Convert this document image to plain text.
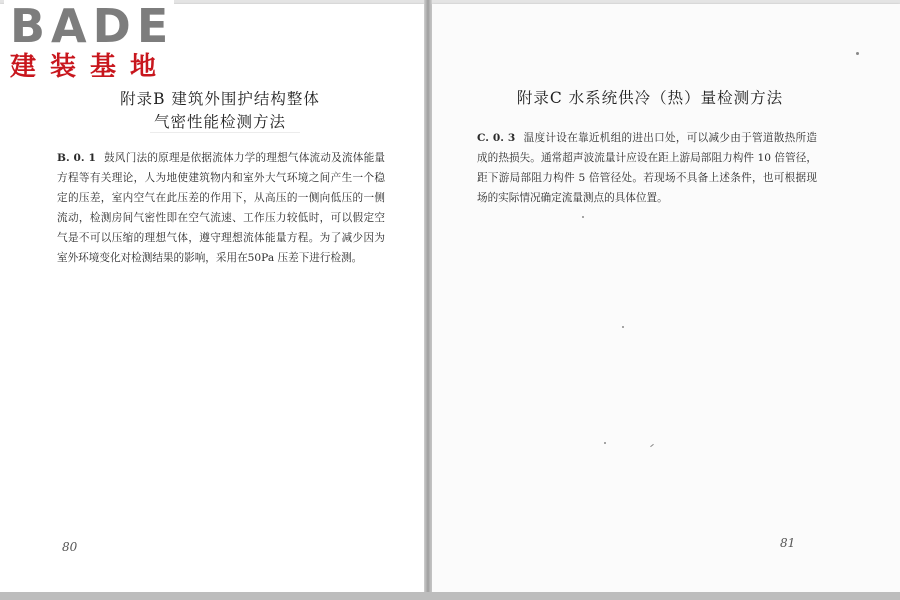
附录B 建筑外围护结构整体
气密性能检测方法

B. 0. 1 鼓风门法的原理是依据流体力学的理想气体流动及流体能量方程等有关理论，人为地使建筑物内和室外大气环境之间产生一个稳定的压差，室内空气在此压差的作用下，从高压的一侧向低压的一侧流动，检测房间气密性即在空气流速、工作压力较低时，可以假定空气是不可以压缩的理想气体，遵守理想流体能量方程。为了减少因为室外环境变化对检测结果的影响，采用在50Pa 压差下进行检测。

80
附录C 水系统供冷（热）量检测方法

C. 0. 3 温度计设在靠近机组的进出口处，可以减少由于管道散热所造成的热损失。通常超声波流量计应设在距上游局部阻力构件 10 倍管径，距下游局部阻力构件 5 倍管径处。若现场不具备上述条件，也可根据现场的实际情况确定流量测点的具体位置。

81
BADE
建装基地
